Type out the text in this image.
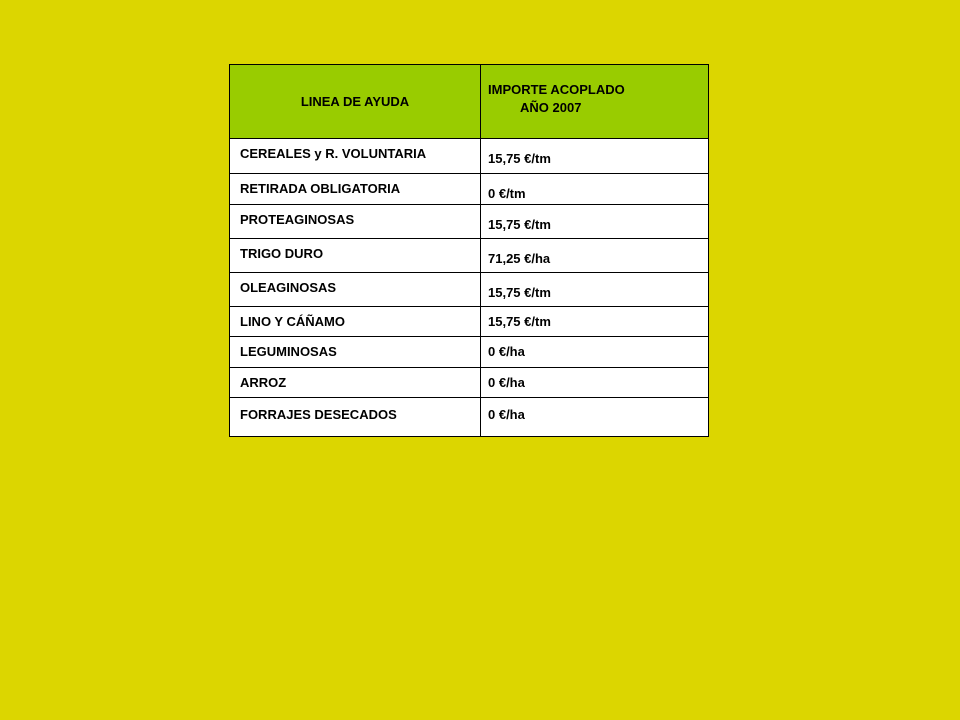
LINEA DE AYUDA	IMPORTE ACOPLADO
AÑO 2007

CEREALES y R. VOLUNTARIA	15,75 €/tm

RETIRADA OBLIGATORIA	0 €/tm

PROTEAGINOSAS	15,75 €/tm

TRIGO DURO	71,25 €/ha

OLEAGINOSAS	15,75 €/tm

LINO Y CÁÑAMO	15,75 €/tm

LEGUMINOSAS	0 €/ha

ARROZ	0 €/ha

FORRAJES DESECADOS	0 €/ha
